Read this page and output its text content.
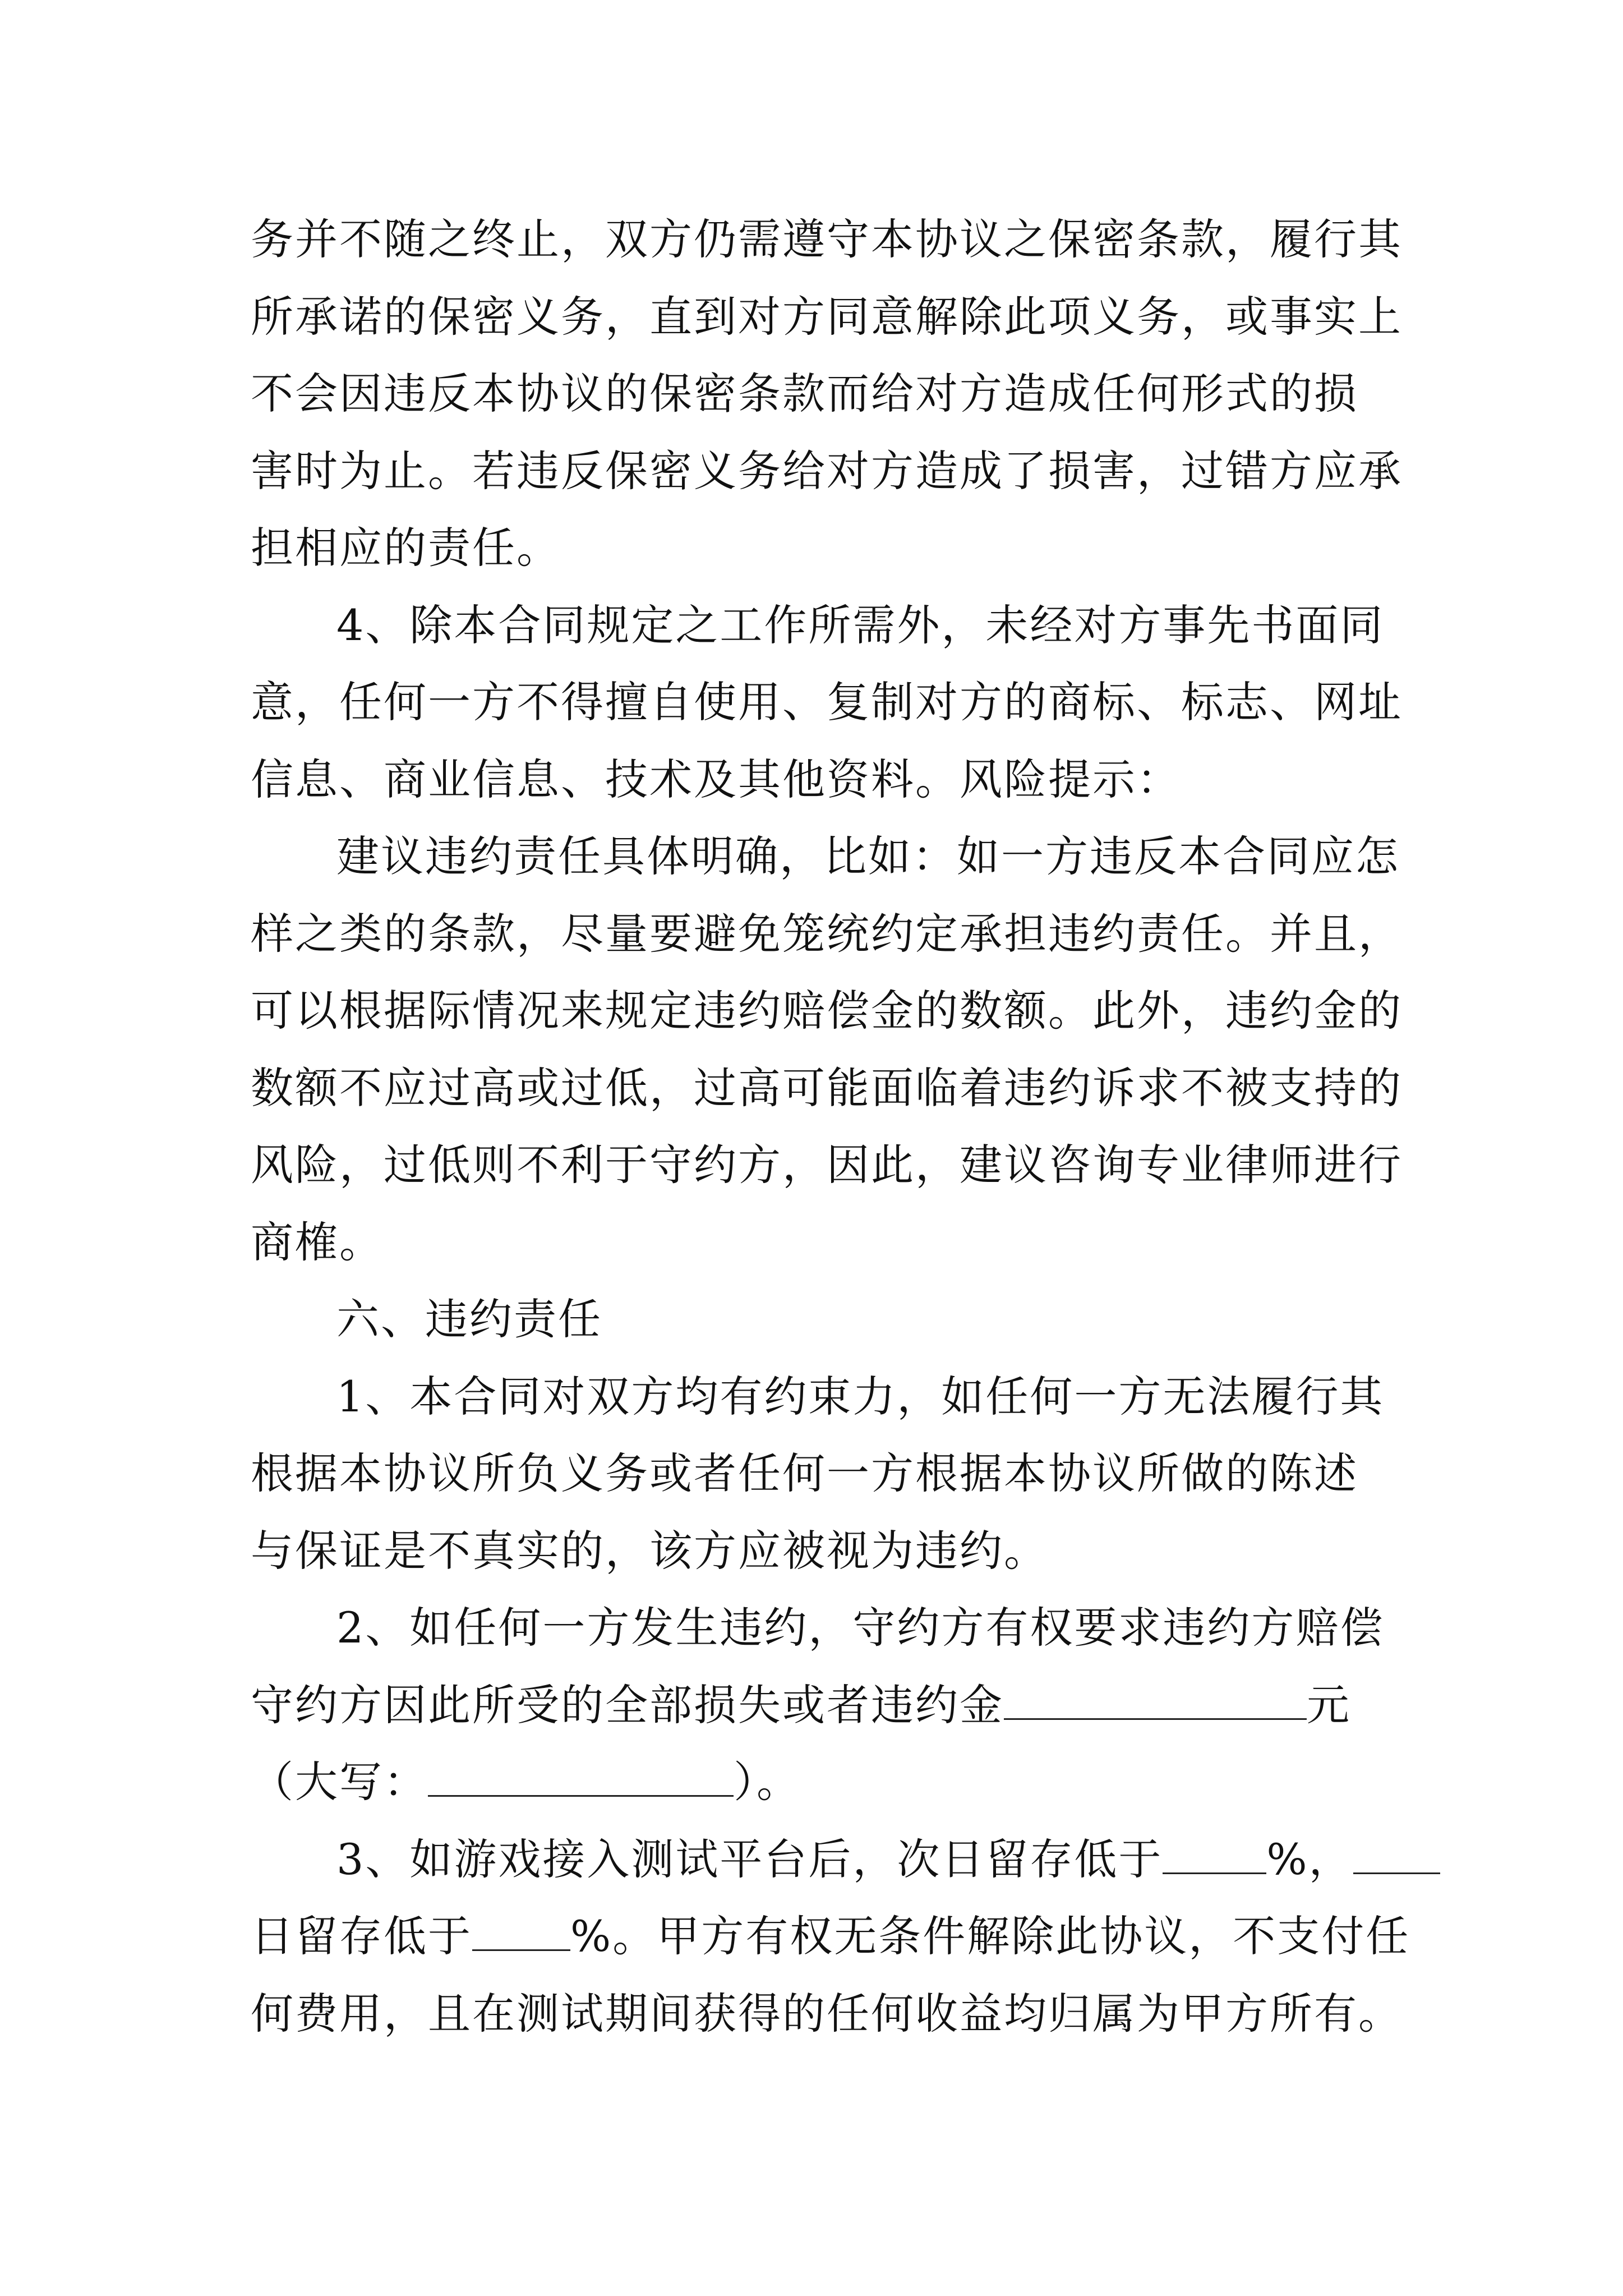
务并不随之终止，双方仍需遵守本协议之保密条款，履行其
所承诺的保密义务，直到对方同意解除此项义务，或事实上
不会因违反本协议的保密条款而给对方造成任何形式的损
害时为止。若违反保密义务给对方造成了损害，过错方应承
担相应的责任。
4、除本合同规定之工作所需外，未经对方事先书面同
意，任何一方不得擅自使用、复制对方的商标、标志、网址
信息、商业信息、技术及其他资料。风险提示：
建议违约责任具体明确，比如：如一方违反本合同应怎
样之类的条款，尽量要避免笼统约定承担违约责任。并且，
可以根据际情况来规定违约赔偿金的数额。此外，违约金的
数额不应过高或过低，过高可能面临着违约诉求不被支持的
风险，过低则不利于守约方，因此，建议咨询专业律师进行
商榷。
六、违约责任
1、本合同对双方均有约束力，如任何一方无法履行其
根据本协议所负义务或者任何一方根据本协议所做的陈述
与保证是不真实的，该方应被视为违约。
2、如任何一方发生违约，守约方有权要求违约方赔偿
守约方因此所受的全部损失或者违约金	元
（大写：	）。
3、如游戏接入测试平台后，次日留存低于 %，
日留存低于 %。甲方有权无条件解除此协议，不支付任
何费用，且在测试期间获得的任何收益均归属为甲方所有。
